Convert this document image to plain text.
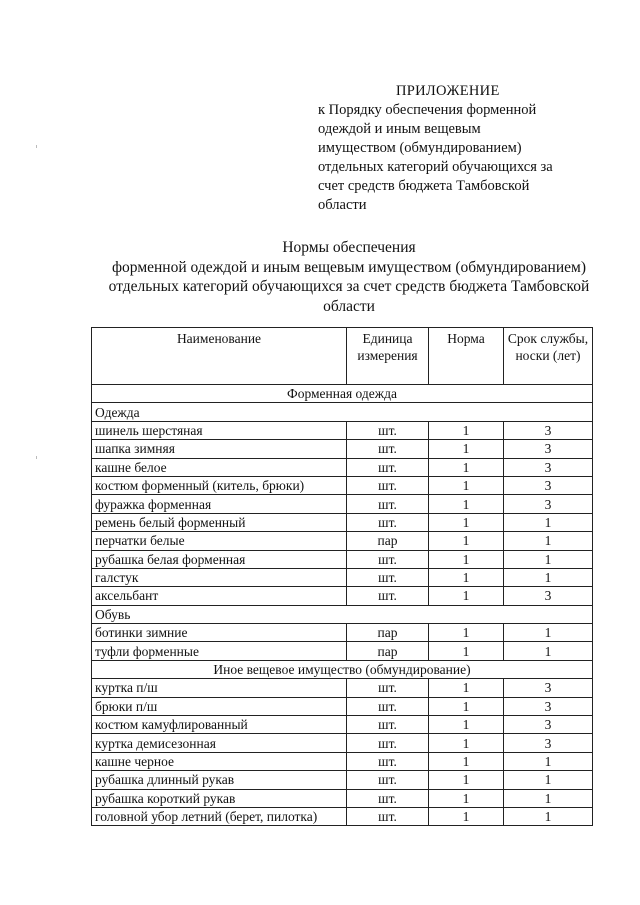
ПРИЛОЖЕНИЕ
к Порядку обеспечения форменной
одеждой и иным вещевым
имуществом (обмундированием)
отдельных категорий обучающихся за
счет средств бюджета Тамбовской
области
Нормы обеспечения
форменной одеждой и иным вещевым имуществом (обмундированием)
отдельных категорий обучающихся за счет средств бюджета Тамбовской
области
Наименование	Единица измерения	Норма	Срок службы, носки (лет)
Форменная одежда			
Одежда			
шинель шерстяная	шт.	1	3
шапка зимняя	шт.	1	3
кашне белое	шт.	1	3
костюм форменный (китель, брюки)	шт.	1	3
фуражка форменная	шт.	1	3
ремень белый форменный	шт.	1	1
перчатки белые	пар	1	1
рубашка белая форменная	шт.	1	1
галстук	шт.	1	1
аксельбант	шт.	1	3
Обувь			
ботинки зимние	пар	1	1
туфли форменные	пар	1	1
Иное вещевое имущество (обмундирование)			
куртка п/ш	шт.	1	3
брюки п/ш	шт.	1	3
костюм камуфлированный	шт.	1	3
куртка демисезонная	шт.	1	3
кашне черное	шт.	1	1
рубашка длинный рукав	шт.	1	1
рубашка короткий рукав	шт.	1	1
головной убор летний (берет, пилотка)	шт.	1	1
